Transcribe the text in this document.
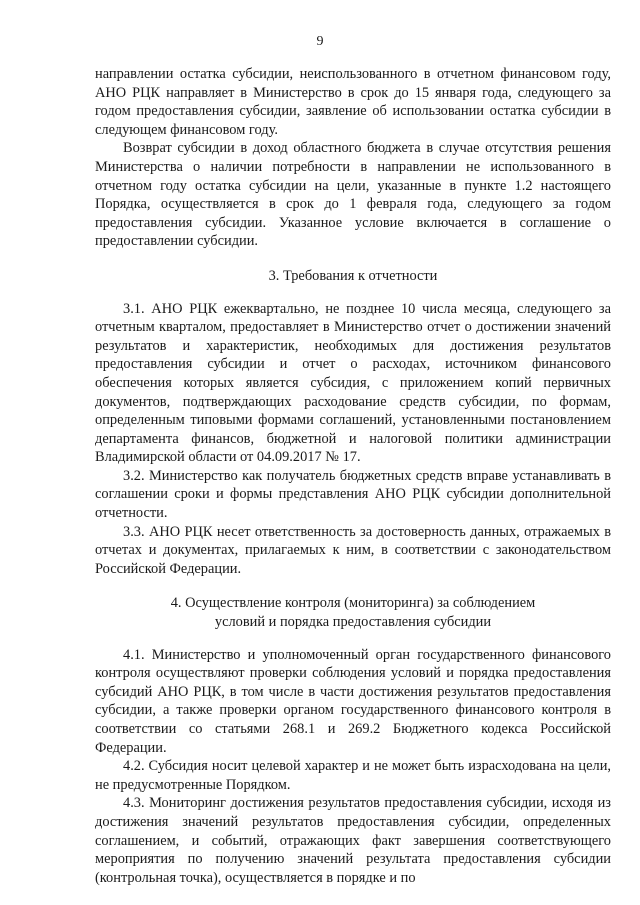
9

направлении остатка субсидии, неиспользованного в отчетном финансовом году, АНО РЦК направляет в Министерство в срок до 15 января года, следующего за годом предоставления субсидии, заявление об использовании остатка субсидии в следующем финансовом году.

Возврат субсидии в доход областного бюджета в случае отсутствия решения Министерства о наличии потребности в направлении не использованного в отчетном году остатка субсидии на цели, указанные в пункте 1.2 настоящего Порядка, осуществляется в срок до 1 февраля года, следующего за годом предоставления субсидии. Указанное условие включается в соглашение о предоставлении субсидии.

3. Требования к отчетности

3.1. АНО РЦК ежеквартально, не позднее 10 числа месяца, следующего за отчетным кварталом, предоставляет в Министерство отчет о достижении значений результатов и характеристик, необходимых для достижения результатов предоставления субсидии и отчет о расходах, источником финансового обеспечения которых является субсидия, с приложением копий первичных документов, подтверждающих расходование средств субсидии, по формам, определенным типовыми формами соглашений, установленными постановлением департамента финансов, бюджетной и налоговой политики администрации Владимирской области от 04.09.2017 № 17.

3.2. Министерство как получатель бюджетных средств вправе устанавливать в соглашении сроки и формы представления АНО РЦК субсидии дополнительной отчетности.

3.3. АНО РЦК несет ответственность за достоверность данных, отражаемых в отчетах и документах, прилагаемых к ним, в соответствии с законодательством Российской Федерации.

4. Осуществление контроля (мониторинга) за соблюдением

условий и порядка предоставления субсидии

4.1. Министерство и уполномоченный орган государственного финансового контроля осуществляют проверки соблюдения условий и порядка предоставления субсидий АНО РЦК, в том числе в части достижения результатов предоставления субсидии, а также проверки органом государственного финансового контроля в соответствии со статьями 268.1 и 269.2 Бюджетного кодекса Российской Федерации.

4.2. Субсидия носит целевой характер и не может быть израсходована на цели, не предусмотренные Порядком.

4.3. Мониторинг достижения результатов предоставления субсидии, исходя из достижения значений результатов предоставления субсидии, определенных соглашением, и событий, отражающих факт завершения соответствующего мероприятия по получению значений результата предоставления субсидии (контрольная точка), осуществляется в порядке и по
